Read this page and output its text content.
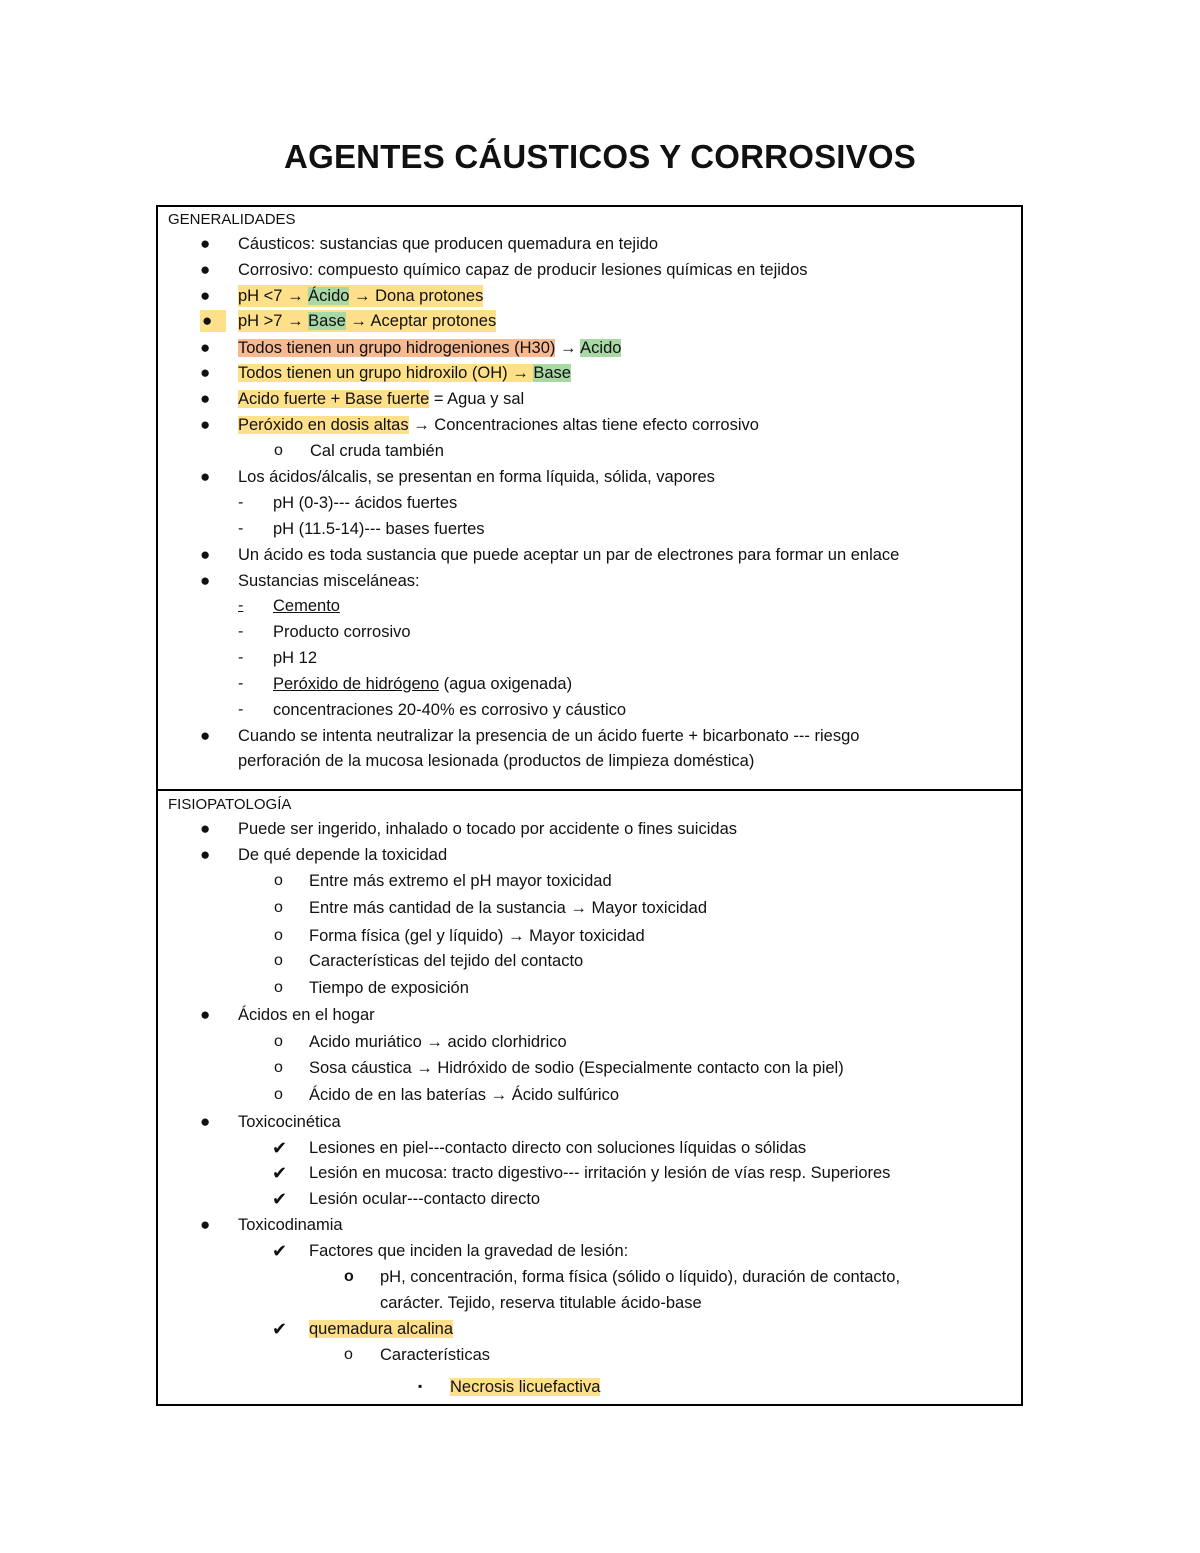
AGENTES CÁUSTICOS Y CORROSIVOS
GENERALIDADES
● Cáusticos: sustancias que producen quemadura en tejido
● Corrosivo: compuesto químico capaz de producir lesiones químicas en tejidos
● pH <7 → Ácido → Dona protones
●	pH >7 → Base → Aceptar protones
● Todos tienen un grupo hidrogeniones (H30) → Acido
● Todos tienen un grupo hidroxilo (OH) → Base
● Acido fuerte + Base fuerte = Agua y sal
● Peróxido en dosis altas → Concentraciones altas tiene efecto corrosivo
o Cal cruda también
● Los ácidos/álcalis, se presentan en forma líquida, sólida, vapores
- pH (0-3)--- ácidos fuertes
- pH (11.5-14)--- bases fuertes
● Un ácido es toda sustancia que puede aceptar un par de electrones para formar un enlace
● Sustancias misceláneas:
-	Cemento
- Producto corrosivo
- pH 12
- Peróxido de hidrógeno (agua oxigenada)
- concentraciones 20-40% es corrosivo y cáustico
● Cuando se intenta neutralizar la presencia de un ácido fuerte + bicarbonato --- riesgo
perforación de la mucosa lesionada (productos de limpieza doméstica)
FISIOPATOLOGÍA
● Puede ser ingerido, inhalado o tocado por accidente o fines suicidas
● De qué depende la toxicidad
o Entre más extremo el pH mayor toxicidad
o Entre más cantidad de la sustancia → Mayor toxicidad
o Forma física (gel y líquido) → Mayor toxicidad
o Características del tejido del contacto
o Tiempo de exposición
● Ácidos en el hogar
o Acido muriático → acido clorhidrico
o Sosa cáustica → Hidróxido de sodio (Especialmente contacto con la piel)
o Ácido de en las baterías → Ácido sulfúrico
● Toxicocinética
✔ Lesiones en piel---contacto directo con soluciones líquidas o sólidas
✔ Lesión en mucosa: tracto digestivo--- irritación y lesión de vías resp. Superiores
✔ Lesión ocular---contacto directo
● Toxicodinamia
✔ Factores que inciden la gravedad de lesión:
o pH, concentración, forma física (sólido o líquido), duración de contacto,
carácter. Tejido, reserva titulable ácido-base
✔ quemadura alcalina
o Características
▪ Necrosis licuefactiva
